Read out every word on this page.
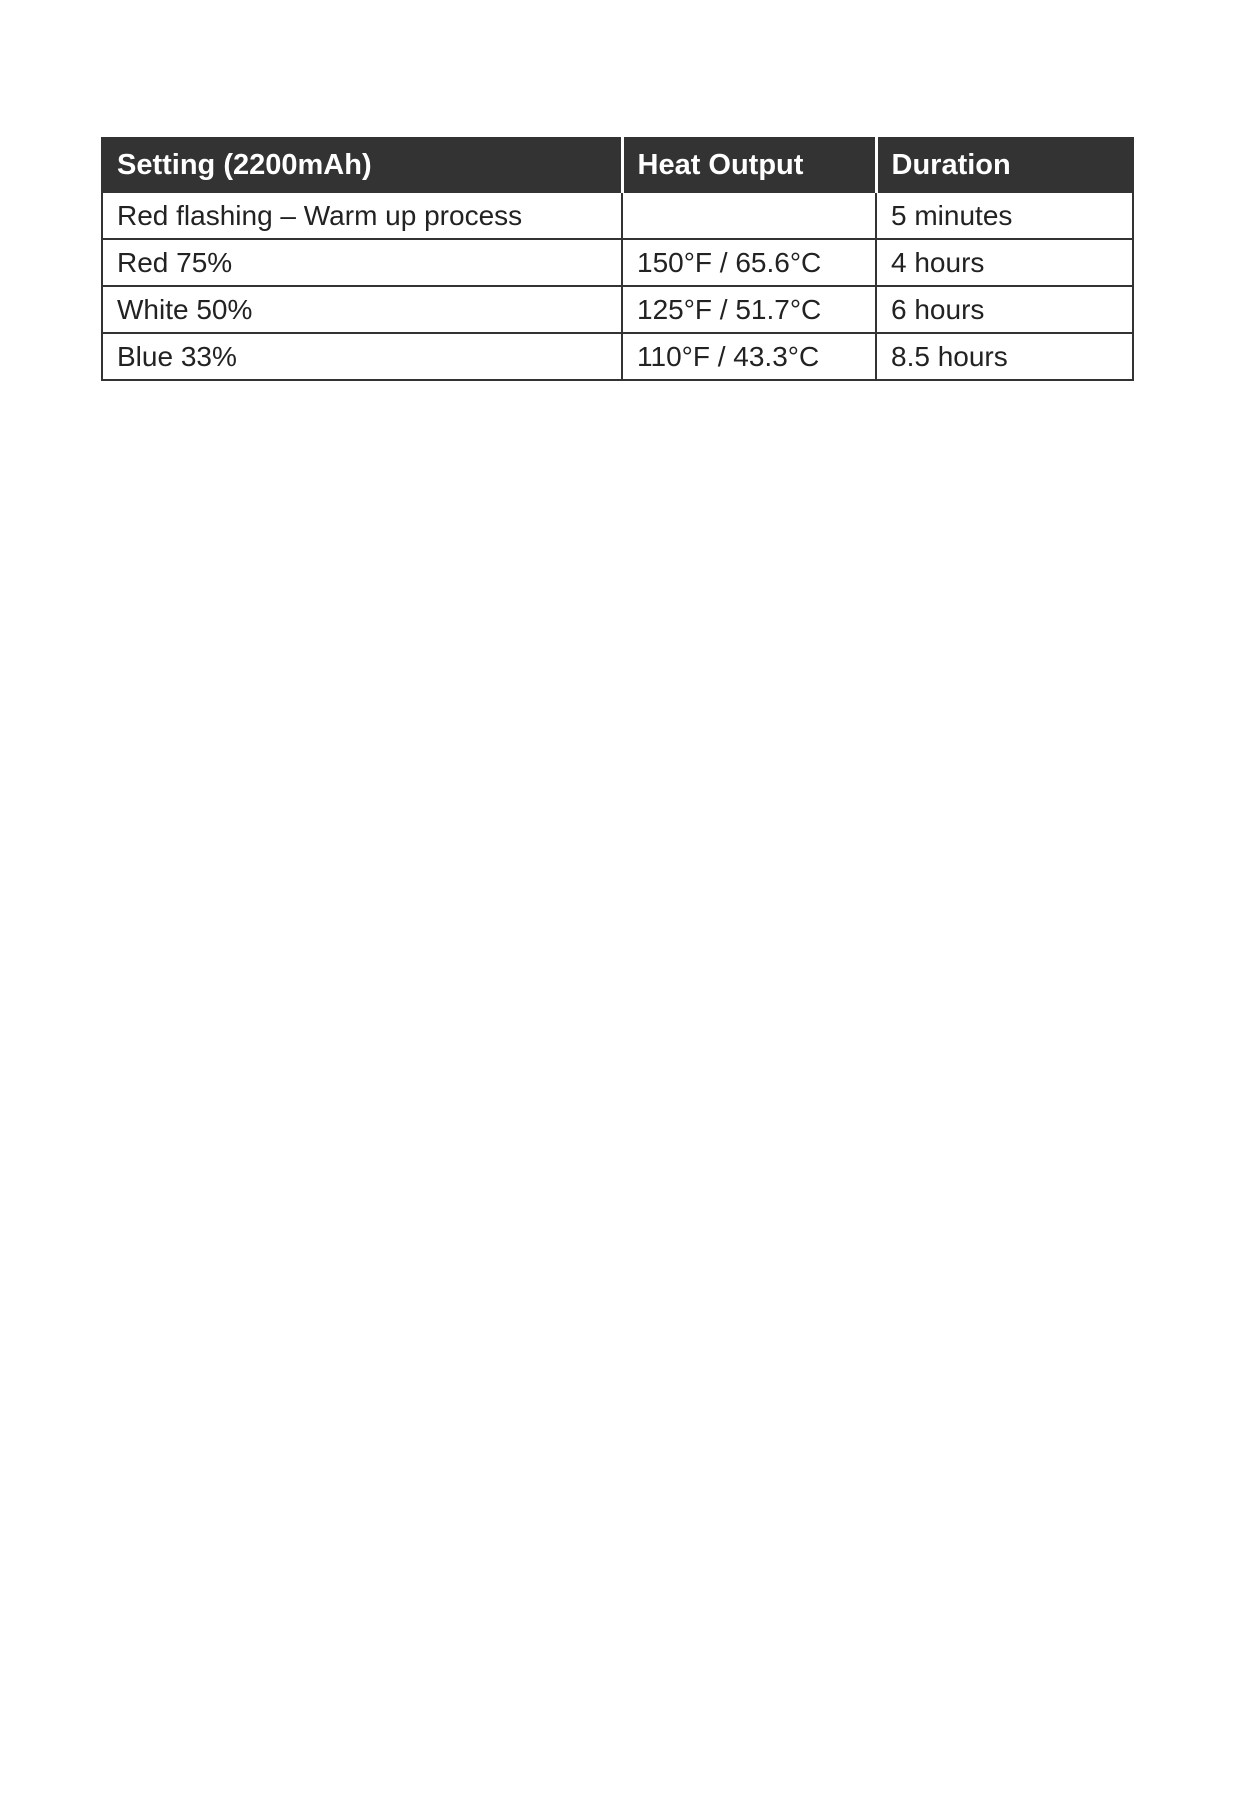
Setting (2200mAh)	Heat Output	Duration
Red flashing – Warm up process		5 minutes
Red 75%	150°F / 65.6°C	4 hours
White 50%	125°F / 51.7°C	6 hours
Blue 33%	110°F / 43.3°C	8.5 hours
